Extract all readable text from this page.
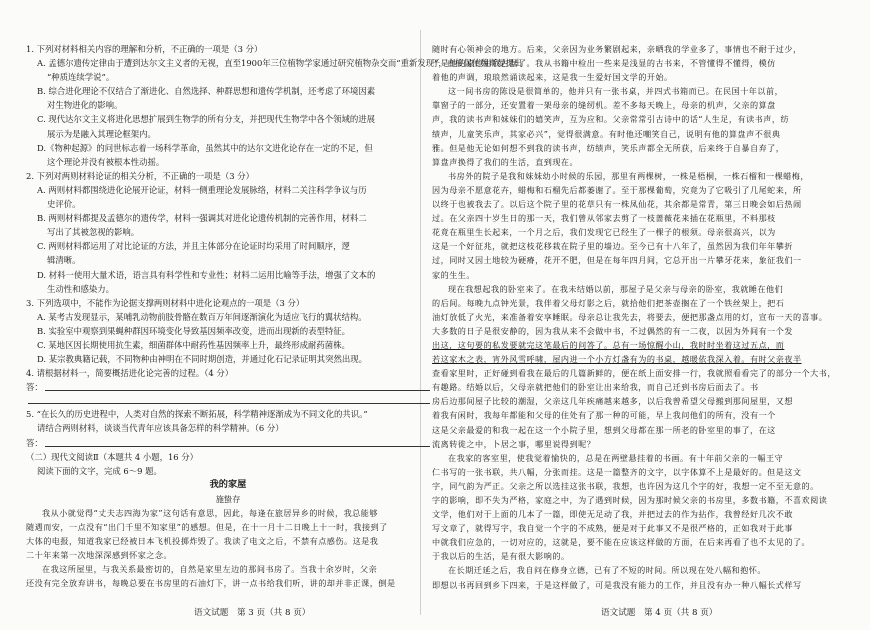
1. 下列对材料相关内容的理解和分析，不正确的一项是（3 分）
A. 孟德尔遗传定律由于遭到达尔文主义者的无视，直至1900年三位植物学家通过研究植物杂交而“重新发现”，直接促使魏斯曼提出
“种质连续学说”。
B. 综合进化理论不仅结合了渐进化、自然选择、种群思想和遗传学机制，还考虑了环境因素
对生物进化的影响。
C. 现代达尔文主义将进化思想扩展到生物学的所有分支，并把现代生物学中各个领域的进展
展示为是融入其理论框架内。
D.《物种起源》的问世标志着一场科学革命，虽然其中的达尔文进化论存在一定的不足，但
这个理论并没有被根本性动摇。
2. 下列对两则材料论证的相关分析，不正确的一项是（3 分）
A. 两则材料都围绕进化论展开论证，材料一侧重理论发展脉络，材料二关注科学争议与历
史评价。
B. 两则材料都提及孟德尔的遗传学，材料一强调其对进化论遗传机制的完善作用，材料二
写出了其被忽视的影响。
C. 两则材料都运用了对比论证的方法，并且主体部分在论证时均采用了时间顺序，逻
辑清晰。
D. 材料一使用大量术语，语言具有科学性和专业性；材料二运用比喻等手法，增强了文本的
生动性和感染力。
3. 下列选项中，不能作为论据支撑两则材料中进化论观点的一项是（3 分）
A. 某考古发现显示，某哺乳动物前肢骨骼在数百万年间逐渐演化为适应飞行的翼状结构。
B. 实验室中观察到果蝇种群因环境变化导致基因频率改变，进而出现新的表型特征。
C. 某地区因长期使用抗生素，细菌群体中耐药性基因频率上升，最终形成耐药菌株。
D. 某宗教典籍记载，不同物种由神明在不同时期创造，并通过化石记录证明其突然出现。
4. 请根据材料一，简要概括进化论完善的过程。（4 分）
答：
5. “在长久的历史进程中，人类对自然的探索不断拓展，科学精神逐渐成为不同文化的共识。”
请结合两则材料，谈谈当代青年应该具备怎样的科学精神。（6 分）
答：
（二）现代文阅读Ⅱ（本题共 4 小题，16 分）
阅读下面的文字，完成 6～9 题。
我的家屋
施蛰存
我从小就觉得“丈夫志四海为家”这句话有意思，因此，每逢在旅居异乡的时候，我总能够
随遇而安，一点没有“出门千里不知家里”的感想。但是，在十一月十二日晚上十一时，我接到了
大体的电报，知道我家已经被日本飞机投掷炸毁了。我读了电文之后，不禁有点感伤。这是我
二十年来第一次地深深感到怀家之念。
在我这所屋里，与我关系最密切的，自然是家里左边的那间书房了。当我十余岁时，父亲
还没有完全放弃讲书，每晚总要在书房里的石油灯下，讲一点书给我们听，讲的却并非正课，倒是
随时有心领神会的地方。后来，父亲因为业务繁剧起来，亲晒我的学业多了，事情也不耐于过少，
于是他的桌位由我占据了。我从书籍中检出一些来是浅显的古书来，不管懂得不懂得，模仿
着他的声调，琅琅然诵读起来，这是我一生爱好国文学的开始。
这一间书房的陈设是很简单的，他并只有一张书桌，并四式书箱而已。在民国十年以前，
靠窗子的一部分，还安置着一架母亲的缝纫机。差不多每天晚上，母亲的机声，父亲的算盘
声，我的读书声和妹妹们的嬉笑声，互为应和。父亲常常引古诗中的话“人生足，有读书声，纺
绩声，儿童笑乐声，其家必兴”，觉得很满意。有时他还嘲笑自己，说明有他的算盘声不很典
雅。但是他无论如何想不到我的读书声，纺绩声，笑乐声都全无所获，后来终于自暴自弃了，
算盘声换得了我们的生活，直到现在。
书房外的院子是我和妹妹幼小时候的乐园，那里有两棵树，一株是梧桐，一株石榴和一棵蜡梅，
因为母亲不愿意花卉，蜡梅和石榴先后都萎谢了。至于那棵葡萄，究竟为了它吸引了几尾蛇来，所
以终于也被我去了。以后这个院子里的花草只有一株凤仙花，其余都是常青，第三日晚会如后热闹
过。在父亲四十岁生日的那一天，我们曾从邻家去剪了一枝蔷薇花来插在花瓶里，不料那枝
花竟在瓶里生长起来，一个月之后，我们发现它已经生了一棵子的根须。母亲很高兴，以为
这是一个好征兆，就把这枝花移栽在院子里的墙边。至今已有十八年了，虽然因为我们年年攀折
过，同时又因土地较为硬瘠，花开不肥，但是在每年四月间，它总开出一片攀牙花来，象征我们一
家的生生。
现在我想起我的卧室来了。在我未结婚以前，那屋子是父亲与母亲的卧室，我就睡在他们
的后间。每晚九点钟光景，我伴着父母灯影之后，就拾他们把茶壶搁在了一个铁丝架上，把石
油灯放低了火光，来准备着安享睡眠。母亲总让我先去，将要去，便把那盏点用的灯，宣布一天的喜事。
大多数的日子是很安静的，因为我从来不会做中书，不过偶然的有一二夜，以因为外间有一个发
出这，这句要的私发要就完这笔最后的问答了。总有一场惊醒小山，我时时坐着这过五点，而
若这家木之表，宵外风雪呼啸，屋内进一个小方灯盏有为的书桌，越暖依我深入着。有时父亲夜半
查看家里时，正好碰到看我在最后的几篇新鲜的，便在纸上面安排一行，我就照看看完了的部分一个大书，
有趣路。结婚以后，父母亲就把他们的卧室让出来给我，而自己迁到书房后面去了。书
房后边那间屋子比较的潮湿，父亲这几年疾痛越来越多，以后我曾希望父母搬到那间屋里，又想
着我有闲时，我每年都能和父母的住处有了那一种的可能，早上我问他们的所有，没有一个
这是父亲最爱的和我一起在这一个小院子里，想到父母都在那一所老的卧室里的事了，在这
流离转徙之中，卜居之事，哪里说得到呢？
在我家的客室里，使我觉着愉快的，总是在两壁悬挂着的书画。有十年前父亲的一幅王守
仁书写的一张书联，共八幅，分张而挂。这是一篇整齐的文字，以字体算不上是最好的。但是这文
字，同气韵为严正。父亲之所以选挂这张书联，我想，也许因为这几个字的好，我想一定不至无意的。
字的影响，即不失为严格，家庭之中，为了遇到时候，因为那时候父亲的书房里，多数书籍，不喜欢阅读
文学，他们对于上面的几本了一篇，即使无足动了我，并把过去的作为拈作，我曾经好几次不敢
写文章了，就得写字，我自觉一个字的不成熟，便是对于此事又不是很严格的，正如我对于此事
中就我们应急的，一切对应的，这就是，要不能在应该这样做的方面，在后来再看了也不太见的了。
于我以后的生活，是有很大影响的。
在长期迁延之后，我自问在修身立德，已有了不短的时间。所以现在处八幅和抱怀。
即想以书再回到乡下四来，于是这样做了，可是我没有能力的工作，并且没有办一种八幅长式样写
语文试题　第 3 页（共 8 页）	语文试题　第 4 页（共 8 页）
